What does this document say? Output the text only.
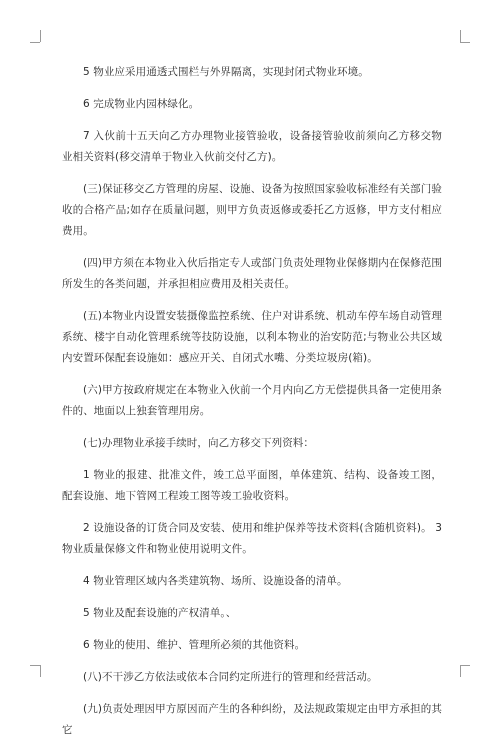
5 物业应采用通透式围栏与外界隔离，实现封闭式物业环境。

6 完成物业内园林绿化。

7 入伙前十五天向乙方办理物业接管验收，设备接管验收前须向乙方移交物业相关资料(移交清单于物业入伙前交付乙方)。

(三)保证移交乙方管理的房屋、设施、设备为按照国家验收标准经有关部门验收的合格产品;如存在质量问题，则甲方负责返修或委托乙方返修，甲方支付相应费用。

(四)甲方须在本物业入伙后指定专人或部门负责处理物业保修期内在保修范围所发生的各类问题，并承担相应费用及相关责任。

(五)本物业内设置安装摄像监控系统、住户对讲系统、机动车停车场自动管理系统、楼宇自动化管理系统等技防设施，以利本物业的治安防范;与物业公共区域内安置环保配套设施如：感应开关、自闭式水嘴、分类垃圾房(箱)。

(六)甲方按政府规定在本物业入伙前一个月内向乙方无偿提供具备一定使用条件的、地面以上独套管理用房。

(七)办理物业承接手续时，向乙方移交下列资料：

1 物业的报建、批准文件，竣工总平面图，单体建筑、结构、设备竣工图，配套设施、地下管网工程竣工图等竣工验收资料。

2 设施设备的订货合同及安装、使用和维护保养等技术资料(含随机资料)。 3 物业质量保修文件和物业使用说明文件。

4 物业管理区域内各类建筑物、场所、设施设备的清单。

5 物业及配套设施的产权清单。、

6 物业的使用、维护、管理所必须的其他资料。

(八)不干涉乙方依法或依本合同约定所进行的管理和经营活动。

(九)负责处理因甲方原因而产生的各种纠纷，及法规政策规定由甲方承担的其它
